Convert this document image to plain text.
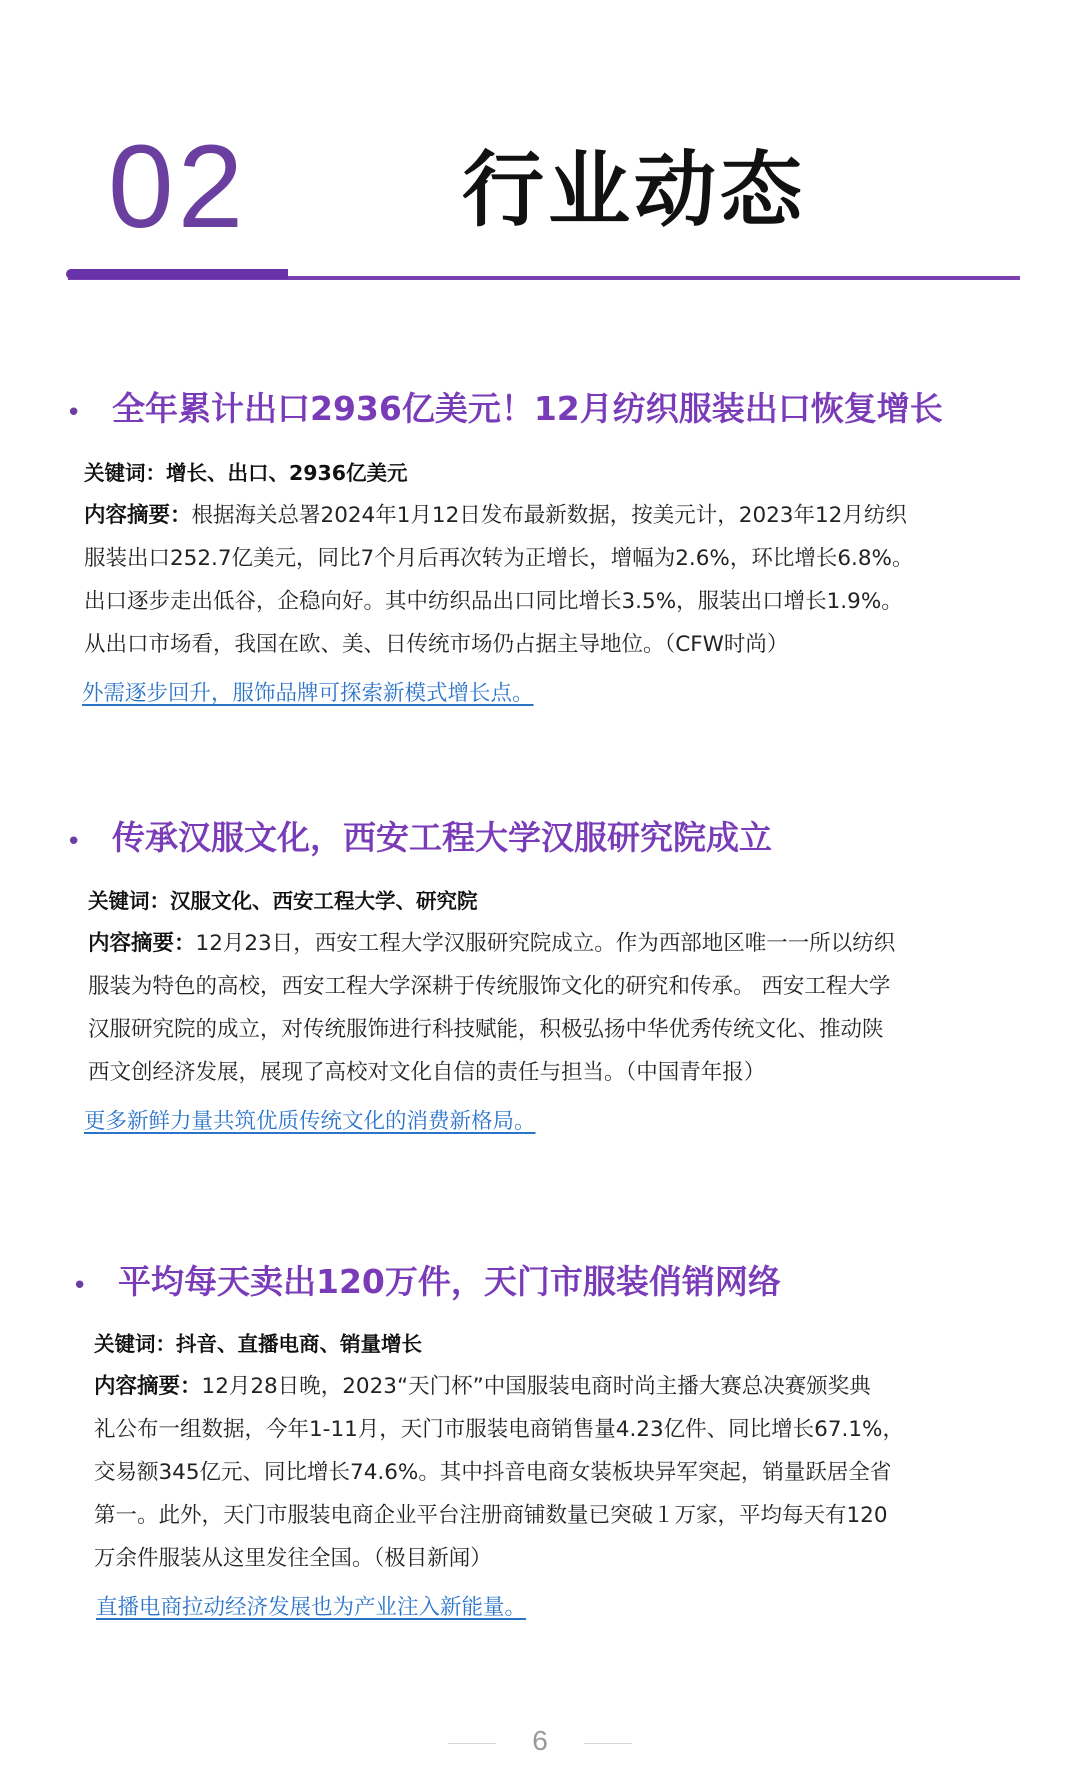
02	行业动态
• 全年累计出口2936亿美元！12月纺织服装出口恢复增长
关键词：增长、出口、2936亿美元
内容摘要：根据海关总署2024年1月12日发布最新数据，按美元计，2023年12月纺织
服装出口252.7亿美元，同比7个月后再次转为正增长，增幅为2.6%，环比增长6.8%。
出口逐步走出低谷，企稳向好。其中纺织品出口同比增长3.5%，服装出口增长1.9%。
从出口市场看，我国在欧、美、日传统市场仍占据主导地位。（CFW时尚）
外需逐步回升，服饰品牌可探索新模式增长点。
• 传承汉服文化，西安工程大学汉服研究院成立
关键词：汉服文化、西安工程大学、研究院
内容摘要：12月23日，西安工程大学汉服研究院成立。作为西部地区唯一一所以纺织
服装为特色的高校，西安工程大学深耕于传统服饰文化的研究和传承。 西安工程大学
汉服研究院的成立，对传统服饰进行科技赋能，积极弘扬中华优秀传统文化、推动陕
西文创经济发展，展现了高校对文化自信的责任与担当。（中国青年报）
更多新鲜力量共筑优质传统文化的消费新格局。
• 平均每天卖出120万件，天门市服装俏销网络
关键词：抖音、直播电商、销量增长
内容摘要：12月28日晚，2023“天门杯”中国服装电商时尚主播大赛总决赛颁奖典
礼公布一组数据，今年1-11月，天门市服装电商销售量4.23亿件、同比增长67.1%，
交易额345亿元、同比增长74.6%。其中抖音电商女装板块异军突起，销量跃居全省
第一。此外，天门市服装电商企业平台注册商铺数量已突破１万家，平均每天有120
万余件服装从这里发往全国。（极目新闻）
直播电商拉动经济发展也为产业注入新能量。
6
